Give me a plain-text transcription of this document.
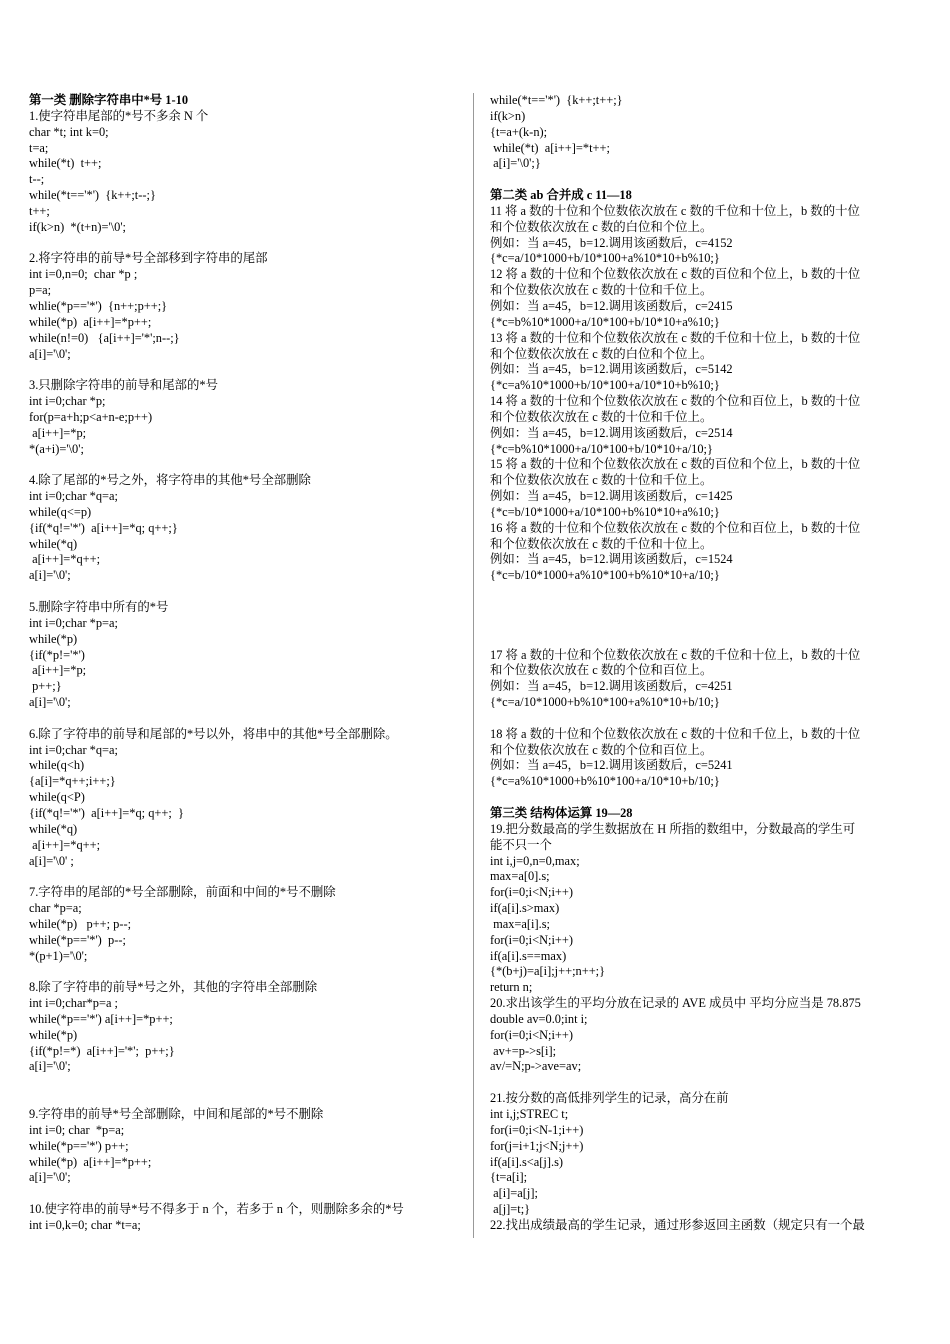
第一类 删除字符串中*号 1-10
1.使字符串尾部的*号不多余 N 个
char *t; int k=0;
t=a;
while(*t)  t++;
t--;
while(*t=='*')  {k++;t--;}
t++;
if(k>n)  *(t+n)='\0';
2.将字符串的前导*号全部移到字符串的尾部
int i=0,n=0;  char *p ;
p=a;
whlie(*p=='*')  {n++;p++;}
while(*p)  a[i++]=*p++;
while(n!=0)   {a[i++]='*';n--;}
a[i]='\0';
3.只删除字符串的前导和尾部的*号
int i=0;char *p;
for(p=a+h;p<a+n-e;p++)
a[i++]=*p;
*(a+i)='\0';
4.除了尾部的*号之外，将字符串的其他*号全部删除
int i=0;char *q=a;
while(q<=p)
{if(*q!='*')  a[i++]=*q; q++;}
while(*q)
a[i++]=*q++;
a[i]='\0';
5.删除字符串中所有的*号
int i=0;char *p=a;
while(*p)
{if(*p!='*')
a[i++]=*p;
p++;}
a[i]='\0';
6.除了字符串的前导和尾部的*号以外，将串中的其他*号全部删除。
int i=0;char *q=a;
while(q<h)
{a[i]=*q++;i++;}
while(q<P)
{if(*q!='*')  a[i++]=*q; q++;  }
while(*q)
a[i++]=*q++;
a[i]='\0' ;
7.字符串的尾部的*号全部删除，前面和中间的*号不删除
char *p=a;
while(*p)   p++; p--;
while(*p=='*')  p--;
*(p+1)='\0';
8.除了字符串的前导*号之外，其他的字符串全部删除
int i=0;char*p=a ;
while(*p=='*') a[i++]=*p++;
while(*p)
{if(*p!=*)  a[i++]='*';  p++;}
a[i]='\0';
9.字符串的前导*号全部删除，中间和尾部的*号不删除
int i=0; char  *p=a;
while(*p=='*') p++;
while(*p)  a[i++]=*p++;
a[i]='\0';
10.使字符串的前导*号不得多于 n 个，若多于 n 个，则删除多余的*号
int i=0,k=0; char *t=a;
while(*t=='*')  {k++;t++;}
if(k>n)
{t=a+(k-n);
while(*t)  a[i++]=*t++;
a[i]='\0';}
第二类 ab 合并成 c 11—18
11 将 a 数的十位和个位数依次放在 c 数的千位和十位上，b 数的十位
和个位数依次放在 c 数的白位和个位上。
例如：当 a=45，b=12.调用该函数后，c=4152
{*c=a/10*1000+b/10*100+a%10*10+b%10;}
12 将 a 数的十位和个位数依次放在 c 数的百位和个位上，b 数的十位
和个位数依次放在 c 数的十位和千位上。
例如：当 a=45，b=12.调用该函数后，c=2415
{*c=b%10*1000+a/10*100+b/10*10+a%10;}
13 将 a 数的十位和个位数依次放在 c 数的千位和十位上，b 数的十位
和个位数依次放在 c 数的白位和个位上。
例如：当 a=45，b=12.调用该函数后，c=5142
{*c=a%10*1000+b/10*100+a/10*10+b%10;}
14 将 a 数的十位和个位数依次放在 c 数的个位和百位上，b 数的十位
和个位数依次放在 c 数的十位和千位上。
例如：当 a=45，b=12.调用该函数后，c=2514
{*c=b%10*1000+a/10*100+b/10*10+a/10;}
15 将 a 数的十位和个位数依次放在 c 数的百位和个位上，b 数的十位
和个位数依次放在 c 数的十位和千位上。
例如：当 a=45，b=12.调用该函数后，c=1425
{*c=b/10*1000+a/10*100+b%10*10+a%10;}
16 将 a 数的十位和个位数依次放在 c 数的个位和百位上，b 数的十位
和个位数依次放在 c 数的千位和十位上。
例如：当 a=45，b=12.调用该函数后，c=1524
{*c=b/10*1000+a%10*100+b%10*10+a/10;}
17 将 a 数的十位和个位数依次放在 c 数的千位和十位上，b 数的十位
和个位数依次放在 c 数的个位和百位上。
例如：当 a=45，b=12.调用该函数后，c=4251
{*c=a/10*1000+b%10*100+a%10*10+b/10;}
18 将 a 数的十位和个位数依次放在 c 数的十位和千位上，b 数的十位
和个位数依次放在 c 数的个位和百位上。
例如：当 a=45，b=12.调用该函数后，c=5241
{*c=a%10*1000+b%10*100+a/10*10+b/10;}
第三类 结构体运算 19—28
19.把分数最高的学生数据放在 H 所指的数组中，分数最高的学生可
能不只一个
int i,j=0,n=0,max;
max=a[0].s;
for(i=0;i<N;i++)
if(a[i].s>max)
max=a[i].s;
for(i=0;i<N;i++)
if(a[i].s==max)
{*(b+j)=a[i];j++;n++;}
return n;
20.求出该学生的平均分放在记录的 AVE 成员中 平均分应当是 78.875
double av=0.0;int i;
for(i=0;i<N;i++)
av+=p->s[i];
av/=N;p->ave=av;
21.按分数的高低排列学生的记录，高分在前
int i,j;STREC t;
for(i=0;i<N-1;i++)
for(j=i+1;j<N;j++)
if(a[i].s<a[j].s)
{t=a[i];
a[i]=a[j];
a[j]=t;}
22.找出成绩最高的学生记录，通过形参返回主函数（规定只有一个最
